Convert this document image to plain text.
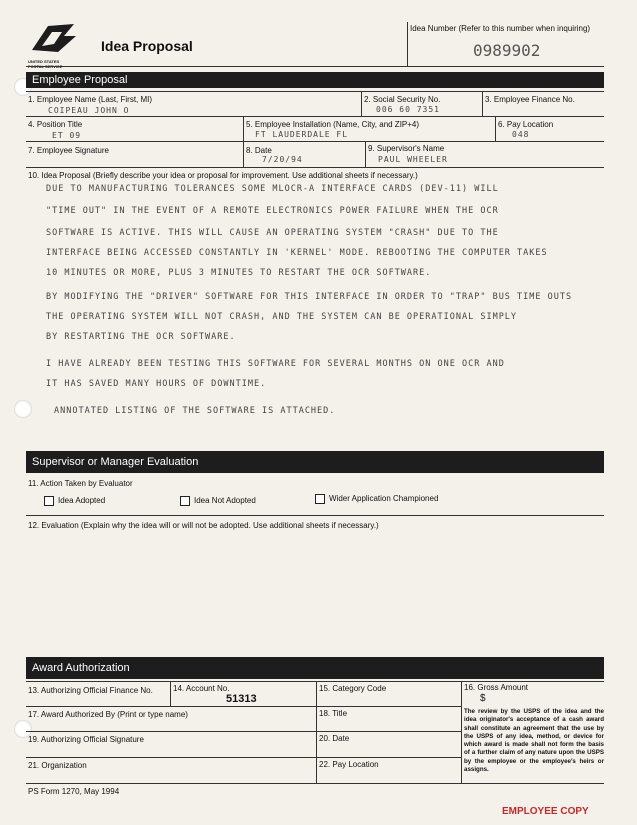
UNITED STATES
Idea Proposal
Idea Number (Refer to this number when inquiring)
0989902
Employee Proposal
1. Employee Name (Last, First, MI)
COIPEAU JOHN O
2. Social Security No.
006 60 7351
3. Employee Finance No.
4. Position Title
ET 09
5. Employee Installation (Name, City, and ZIP+4)
FT LAUDERDALE FL
6. Pay Location
048
7. Employee Signature	8. Date
7/20/94
9. Supervisor's Name
PAUL WHEELER
10. Idea Proposal (Briefly describe your idea or proposal for improvement. Use additional sheets if necessary.)
DUE TO MANUFACTURING TOLERANCES SOME MLOCR-A INTERFACE CARDS (DEV-11) WILL
"TIME OUT" IN THE EVENT OF A REMOTE ELECTRONICS POWER FAILURE WHEN THE OCR
SOFTWARE IS ACTIVE. THIS WILL CAUSE AN OPERATING SYSTEM "CRASH" DUE TO THE
INTERFACE BEING ACCESSED CONSTANTLY IN 'KERNEL' MODE. REBOOTING THE COMPUTER TAKES
10 MINUTES OR MORE, PLUS 3 MINUTES TO RESTART THE OCR SOFTWARE.
BY MODIFYING THE "DRIVER" SOFTWARE FOR THIS INTERFACE IN ORDER TO "TRAP" BUS TIME OUTS
THE OPERATING SYSTEM WILL NOT CRASH, AND THE SYSTEM CAN BE OPERATIONAL SIMPLY
BY RESTARTING THE OCR SOFTWARE.
I HAVE ALREADY BEEN TESTING THIS SOFTWARE FOR SEVERAL MONTHS ON ONE OCR AND
IT HAS SAVED MANY HOURS OF DOWNTIME.
ANNOTATED LISTING OF THE SOFTWARE IS ATTACHED.
Supervisor or Manager Evaluation
11. Action Taken by Evaluator
Idea Adopted	Idea Not Adopted	Wider Application Championed
12. Evaluation (Explain why the idea will or will not be adopted. Use additional sheets if necessary.)
Award Authorization
13. Authorizing Official Finance No.	14. Account No.
51313
15. Category Code	16. Gross Amount
$
17. Award Authorized By (Print or type name)	18. Title	The review by the USPS of the idea and the idea originator's acceptance of a cash award shall constitute an agreement that the use by the USPS of any idea, method, or device for which award is made shall not form the basis of a further claim of any nature upon the USPS by the employee or the employee's heirs or assigns.
19. Authorizing Official Signature	20. Date
21. Organization	22. Pay Location
PS Form 1270, May 1994
EMPLOYEE COPY
